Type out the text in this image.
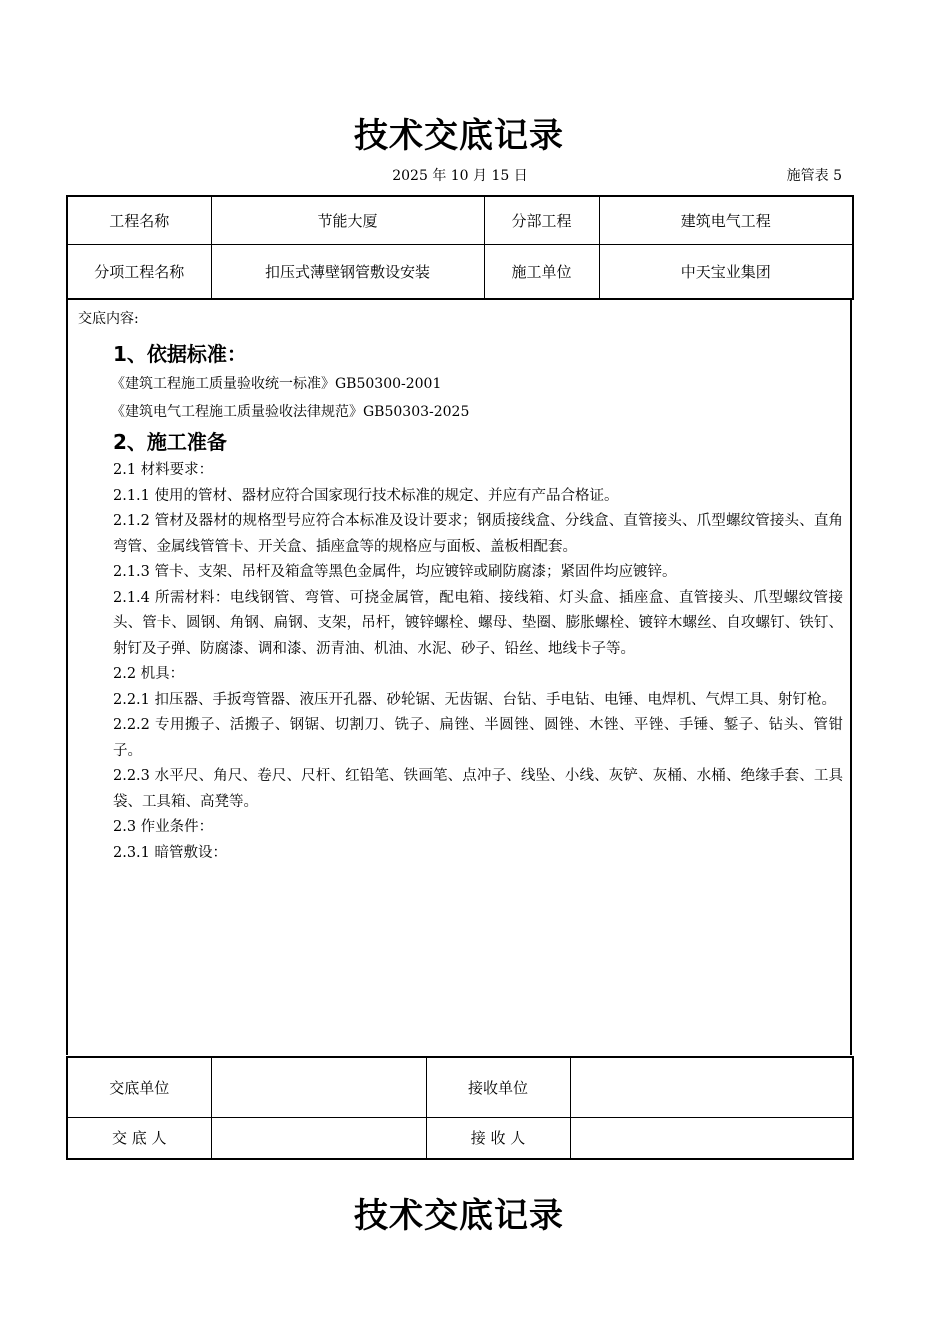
技术交底记录
2025 年 10 月 15 日	施管表 5
工程名称	节能大厦	分部工程	建筑电气工程
分项工程名称	扣压式薄壁钢管敷设安装	施工单位	中天宝业集团
交底内容:

1、依据标准：

《建筑工程施工质量验收统一标准》GB50300-2001

《建筑电气工程施工质量验收法律规范》GB50303-2025

2、施工准备

2.1 材料要求：

2.1.1 使用的管材、器材应符合国家现行技术标准的规定、并应有产品合格证。

2.1.2 管材及器材的规格型号应符合本标准及设计要求；钢质接线盒、分线盒、直管接头、爪型螺纹管接头、直角弯管、金属线管管卡、开关盒、插座盒等的规格应与面板、盖板相配套。

2.1.3 管卡、支架、吊杆及箱盒等黑色金属件，均应镀锌或刷防腐漆；紧固件均应镀锌。

2.1.4 所需材料：电线钢管、弯管、可挠金属管，配电箱、接线箱、灯头盒、插座盒、直管接头、爪型螺纹管接头、管卡、圆钢、角钢、扁钢、支架，吊杆，镀锌螺栓、螺母、垫圈、膨胀螺栓、镀锌木螺丝、自攻螺钉、铁钉、射钉及子弹、防腐漆、调和漆、沥青油、机油、水泥、砂子、铅丝、地线卡子等。

2.2 机具：

2.2.1 扣压器、手扳弯管器、液压开孔器、砂轮锯、无齿锯、台钻、手电钻、电锤、电焊机、气焊工具、射钉枪。

2.2.2 专用搬子、活搬子、钢锯、切割刀、铣子、扁锉、半圆锉、圆锉、木锉、平锉、手锤、錾子、钻头、管钳子。

2.2.3 水平尺、角尺、卷尺、尺杆、红铅笔、铁画笔、点冲子、线坠、小线、灰铲、灰桶、水桶、绝缘手套、工具袋、工具箱、高凳等。

2.3 作业条件：

2.3.1 暗管敷设：

交底单位		接收单位	
交 底 人		接 收 人	
技术交底记录
